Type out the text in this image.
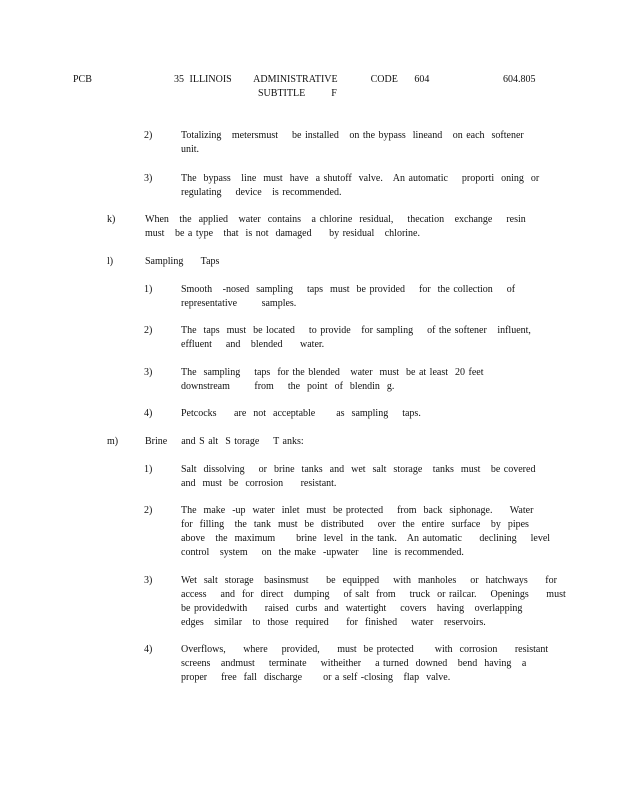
PCB	35 ILLINOIS    ADMINISTRATIVE      CODE   604
SUBTITLE    F
604.805
2)	Totalizing   metersmust    be installed   on the bypass  lineand   on each  softener
unit.
3)	The  bypass   line  must  have  a shutoff  valve.   An automatic    proporti  oning  or
regulating    device   is recommended.
k)	When   the  applied   water  contains   a chlorine  residual,    thecation   exchange    resin
must   be a type   that  is not  damaged     by residual   chlorine.
l)	Sampling     Taps
1)	Smooth   -nosed  sampling    taps  must  be provided    for  the collection    of
representative       samples.
2)	The  taps  must  be located    to provide   for sampling    of the softener   influent,
effluent    and   blended     water.
3)	The  sampling    taps  for the blended   water  must  be at least  20 feet
downstream       from    the  point  of  blendin  g.
4)	Petcocks     are  not  acceptable      as  sampling    taps.
m)	Brine    and S alt  S torage    T anks:
1)	Salt  dissolving    or  brine  tanks  and  wet  salt  storage   tanks  must   be covered
and  must  be  corrosion     resistant.
2)	The  make  -up  water  inlet  must  be protected    from  back  siphonage.     Water
for  filling   the  tank  must  be  distributed    over  the  entire  surface   by  pipes
above   the  maximum      brine  level  in the tank.   An automatic     declining    level
control   system    on  the make  -upwater    line  is recommended.
3)	Wet  salt  storage   basinsmust     be  equipped    with  manholes    or  hatchways     for
access    and  for  direct   dumping    of salt  from    truck  or railcar.    Openings     must
be providedwith     raised  curbs  and  watertight    covers   having   overlapping
edges   similar   to  those  required     for  finished    water   reservoirs.
4)	Overflows,     where    provided,     must  be protected      with  corrosion     resistant
screens   andmust    terminate    witheither    a turned  downed   bend  having   a
proper    free  fall  discharge      or a self -closing   flap  valve.
